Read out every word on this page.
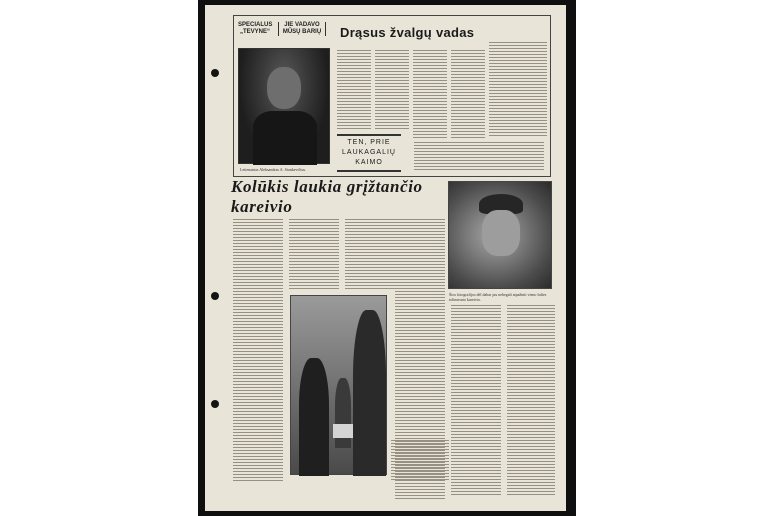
SPECIALUS „TEVYNE“
JIE VADAVO MŪSŲ BARIŲ
Leitenantas Aleksandras A. Stankevičius.
TEN, PRIE LAUKAGALIŲ KAIMO
Drąsus žvalgų vadas
Kolūkis laukia grįžtančio
kareivio
Šios fotografijos dėl dabar jau nebegali atpažinti vieno šalies tolimesnio kareivio.
